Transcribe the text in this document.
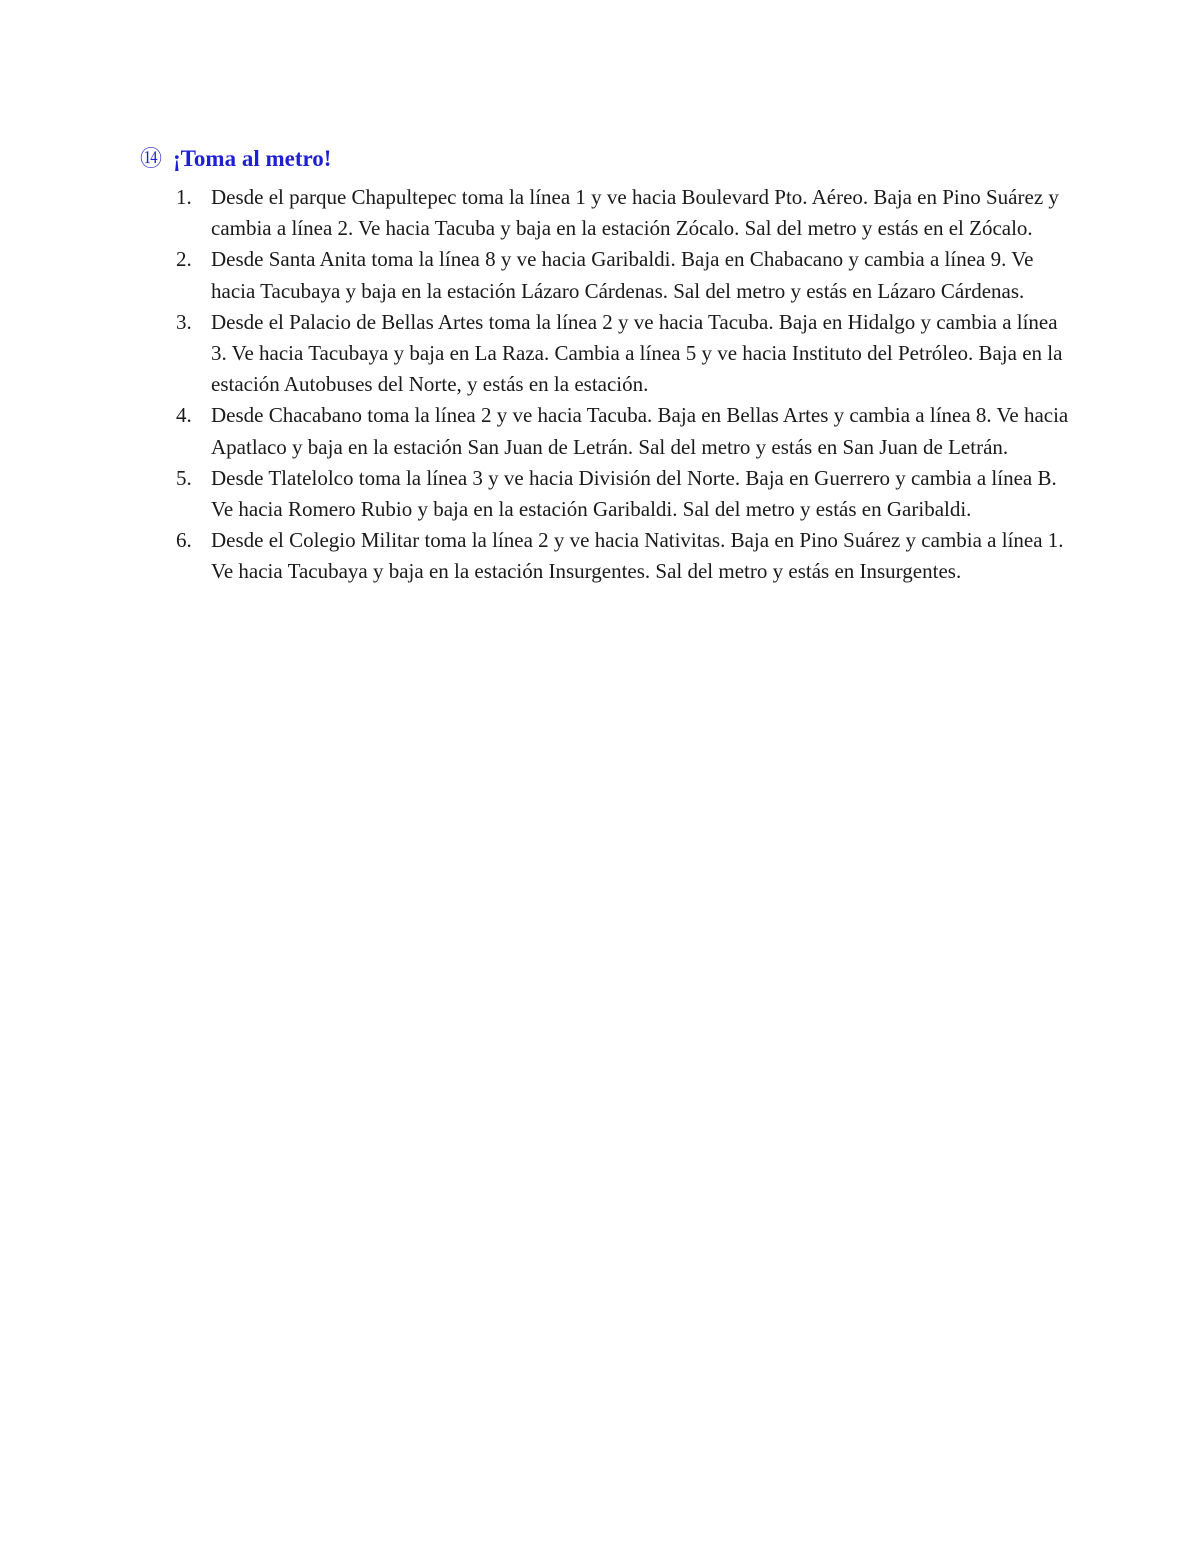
⑭ ¡Toma al metro!
1. Desde el parque Chapultepec toma la línea 1 y ve hacia Boulevard Pto. Aéreo. Baja en Pino Suárez y cambia a línea 2. Ve hacia Tacuba y baja en la estación Zócalo. Sal del metro y estás en el Zócalo.
2. Desde Santa Anita toma la línea 8 y ve hacia Garibaldi. Baja en Chabacano y cambia a línea 9. Ve hacia Tacubaya y baja en la estación Lázaro Cárdenas. Sal del metro y estás en Lázaro Cárdenas.
3. Desde el Palacio de Bellas Artes toma la línea 2 y ve hacia Tacuba. Baja en Hidalgo y cambia a línea 3. Ve hacia Tacubaya y baja en La Raza. Cambia a línea 5 y ve hacia Instituto del Petróleo. Baja en la estación Autobuses del Norte, y estás en la estación.
4. Desde Chacabano toma la línea 2 y ve hacia Tacuba. Baja en Bellas Artes y cambia a línea 8. Ve hacia Apatlaco y baja en la estación San Juan de Letrán. Sal del metro y estás en San Juan de Letrán.
5. Desde Tlatelolco toma la línea 3 y ve hacia División del Norte. Baja en Guerrero y cambia a línea B. Ve hacia Romero Rubio y baja en la estación Garibaldi. Sal del metro y estás en Garibaldi.
6. Desde el Colegio Militar toma la línea 2 y ve hacia Nativitas. Baja en Pino Suárez y cambia a línea 1. Ve hacia Tacubaya y baja en la estación Insurgentes. Sal del metro y estás en Insurgentes.
